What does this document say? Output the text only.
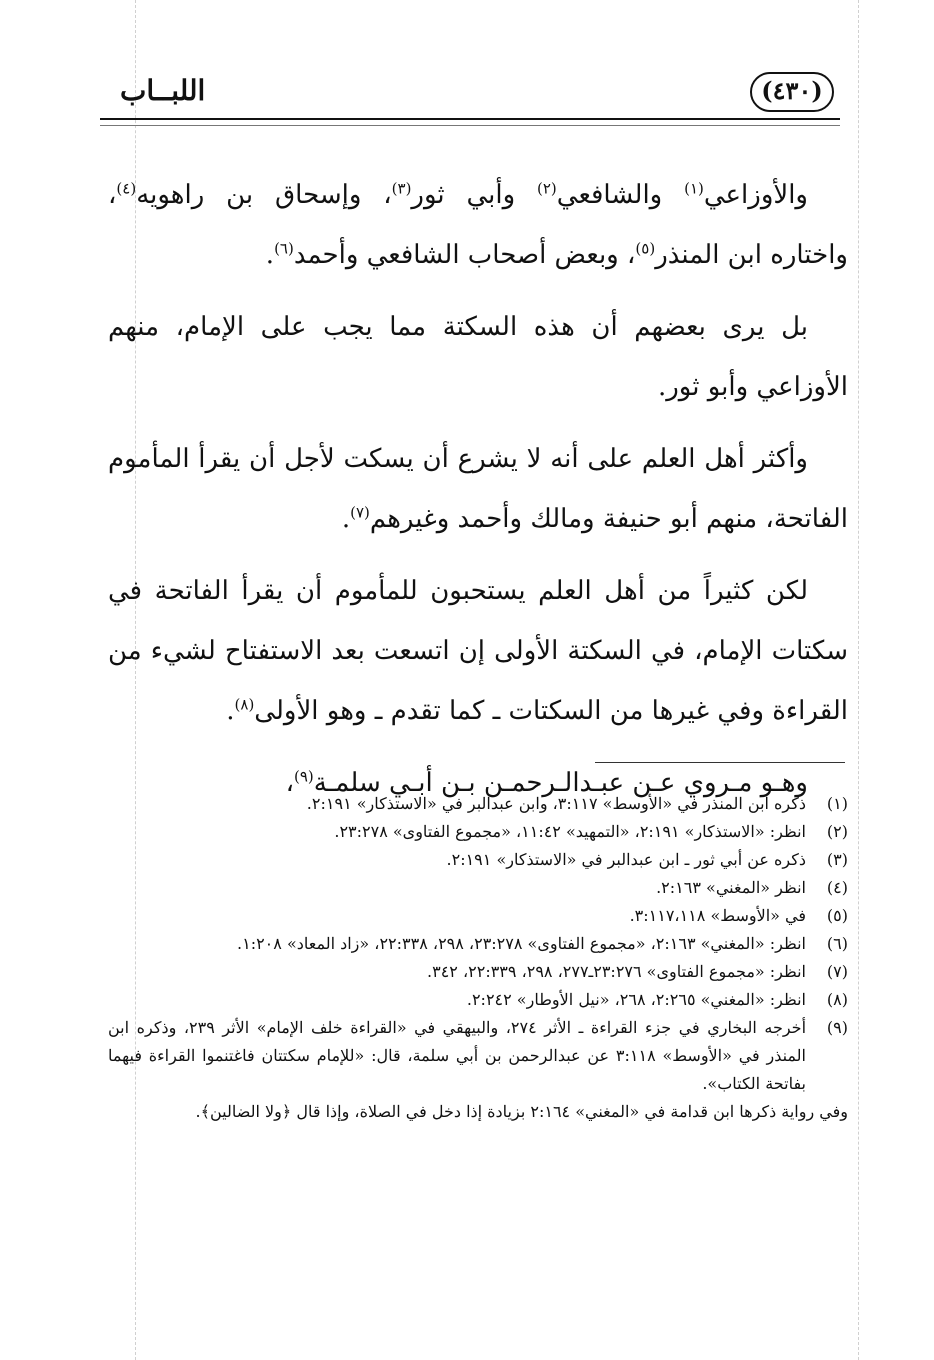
(٤٣٠)
اللبــاب

والأوزاعي$^{(١)}$ والشافعي$^{(٢)}$ وأبي ثور$^{(٣)}$، وإسحاق بن راهويه$^{(٤)}$، واختاره ابن المنذر$^{(٥)}$، وبعض أصحاب الشافعي وأحمد$^{(٦)}$.

بل يرى بعضهم أن هذه السكتة مما يجب على الإمام، منهم الأوزاعي وأبو ثور.

وأكثر أهل العلم على أنه لا يشرع أن يسكت لأجل أن يقرأ المأموم الفاتحة، منهم أبو حنيفة ومالك وأحمد وغيرهم$^{(٧)}$.

لكن كثيراً من أهل العلم يستحبون للمأموم أن يقرأ الفاتحة في سكتات الإمام، في السكتة الأولى إن اتسعت بعد الاستفتاح لشيء من القراءة وفي غيرها من السكتات ـ كما تقدم ـ وهو الأولى$^{(٨)}$.

وهـو مـروي عـن عبـدالـرحمـن بـن أبـي سلمـة$^{(٩)}$،

(١)
ذكره ابن المنذر في «الأوسط» ٣:١١٧، وابن عبدالبر في «الاستذكار» ٢:١٩١.
(٢)
انظر: «الاستذكار» ٢:١٩١، «التمهيد» ١١:٤٢، «مجموع الفتاوى» ٢٣:٢٧٨.
(٣)
ذكره عن أبي ثور ـ ابن عبدالبر في «الاستذكار» ٢:١٩١.
(٤)
انظر «المغني» ٢:١٦٣.
(٥)
في «الأوسط» ٣:١١٧،١١٨.
(٦)
انظر: «المغني» ٢:١٦٣، «مجموع الفتاوى» ٢٣:٢٧٨، ٢٩٨، ٢٢:٣٣٨، «زاد المعاد» ١:٢٠٨.
(٧)
انظر: «مجموع الفتاوى» ٢٣:٢٧٦ـ٢٧٧، ٢٩٨، ٢٢:٣٣٩، ٣٤٢.
(٨)
انظر: «المغني» ٢:٢٦٥، ٢٦٨، «نيل الأوطار» ٢:٢٤٢.
(٩)
أخرجه البخاري في جزء القراءة ـ الأثر ٢٧٤، والبيهقي في «القراءة خلف الإمام» الأثر ٢٣٩، وذكره ابن المنذر في «الأوسط» ٣:١١٨ عن عبدالرحمن بن أبي سلمة، قال: «للإمام سكتتان فاغتنموا القراءة فيهما بفاتحة الكتاب».
وفي رواية ذكرها ابن قدامة في «المغني» ٢:١٦٤ بزيادة إذا دخل في الصلاة، وإذا قال ﴿ولا الضالين﴾.
